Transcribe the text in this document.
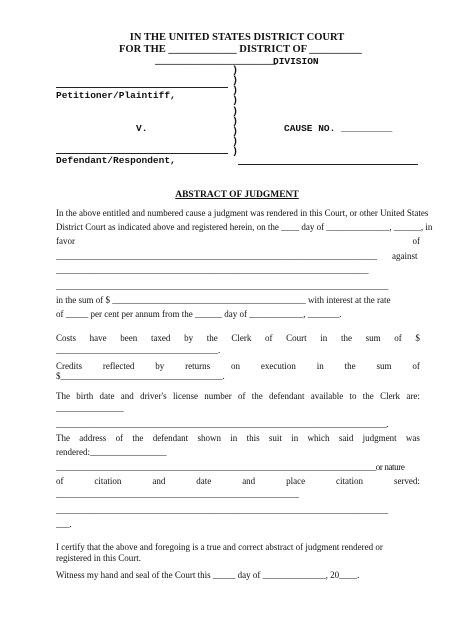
IN THE UNITED STATES DISTRICT COURT
FOR THE _____________ DISTRICT OF __________
_______________________
DIVISION
Petitioner/Plaintiff,
V.	CAUSE NO. _________
Defendant/Respondent,
)
)
)
)
)
)
)
)
)
ABSTRACT OF JUDGMENT
In the above entitled and numbered cause a judgment was rendered in this Court, or other United States
District Court as indicated above and registered herein, on the ____ day of ______________, ______, in
favor	of
____________________________________________________________________________ against
________________________________________________________________________________
____________________________________________________________________________________
in the sum of $ ___________________________________________ with interest at the rate
of _____ per cent per annum from the ______ day of ____________, _______.
Costs have been taxed by the Clerk of Court in the sum of $
____________________________________.
Credits reflected by returns on execution in the sum of
$____________________________________.
The birth date and driver's license number of the defendant available to the Clerk are:
_______________
____________________________________________________________________________________.
The address of the defendant shown in this suit in which said judgment was
rendered:_________________
______________________________________________________________________________or nature
of	citation	and	date	and	place	citation	served:
______________________________________________________
_____________________________________________________________________________________
___.
I certify that the above and foregoing is a true and correct abstract of judgment rendered or registered in this Court.
Witness my hand and seal of the Court this _____ day of ______________, 20____.
